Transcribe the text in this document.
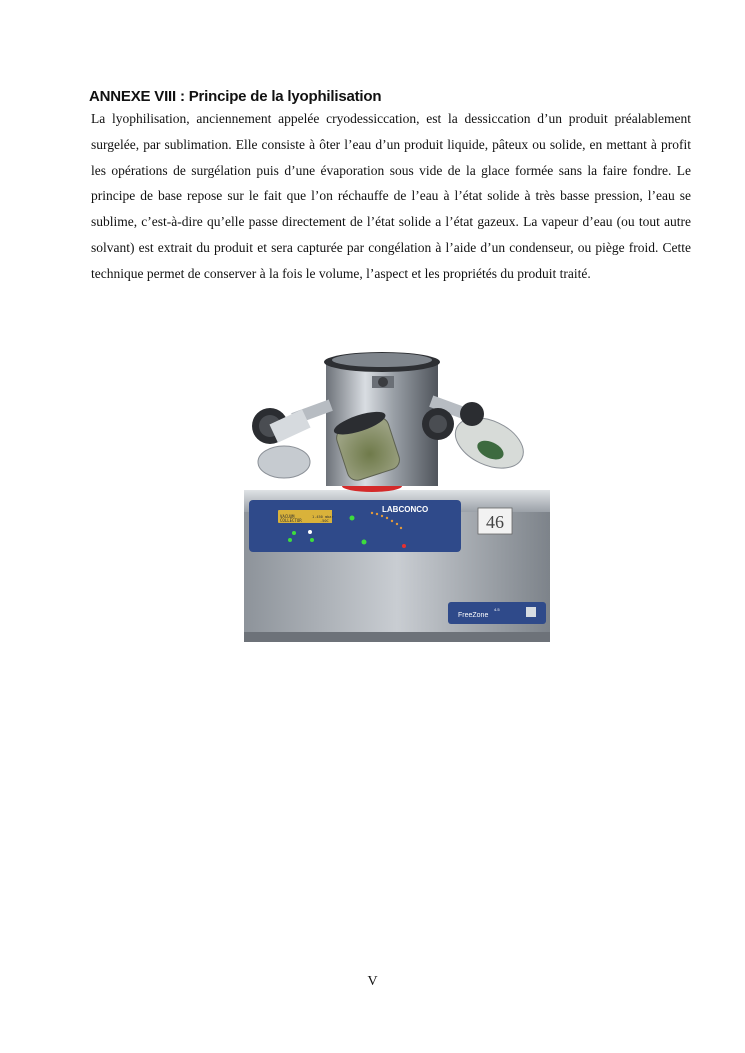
ANNEXE VIII : Principe de la lyophilisation

La lyophilisation, anciennement appelée cryodessiccation, est la dessiccation d’un produit préalablement surgelée, par sublimation. Elle consiste à ôter l’eau d’un produit liquide, pâteux ou solide, en mettant à profit les opérations de surgélation puis d’une évaporation sous vide de la glace formée sans la faire fondre. Le principe de base repose sur le fait que l’on réchauffe de l’eau à l’état solide à très basse pression, l’eau se sublime, c’est-à-dire qu’elle passe directement de l’état solide a l’état gazeux. La vapeur d’eau (ou tout autre solvant) est extrait du produit et sera capturée par congélation à l’aide d’un condenseur, ou piège froid. Cette technique permet de conserver à la fois le volume, l’aspect et les propriétés du produit traité.

VACUUM
COLLECTOR
1.450 mbar
-50C
LABCONCO
46
FreeZone
4.5
V
